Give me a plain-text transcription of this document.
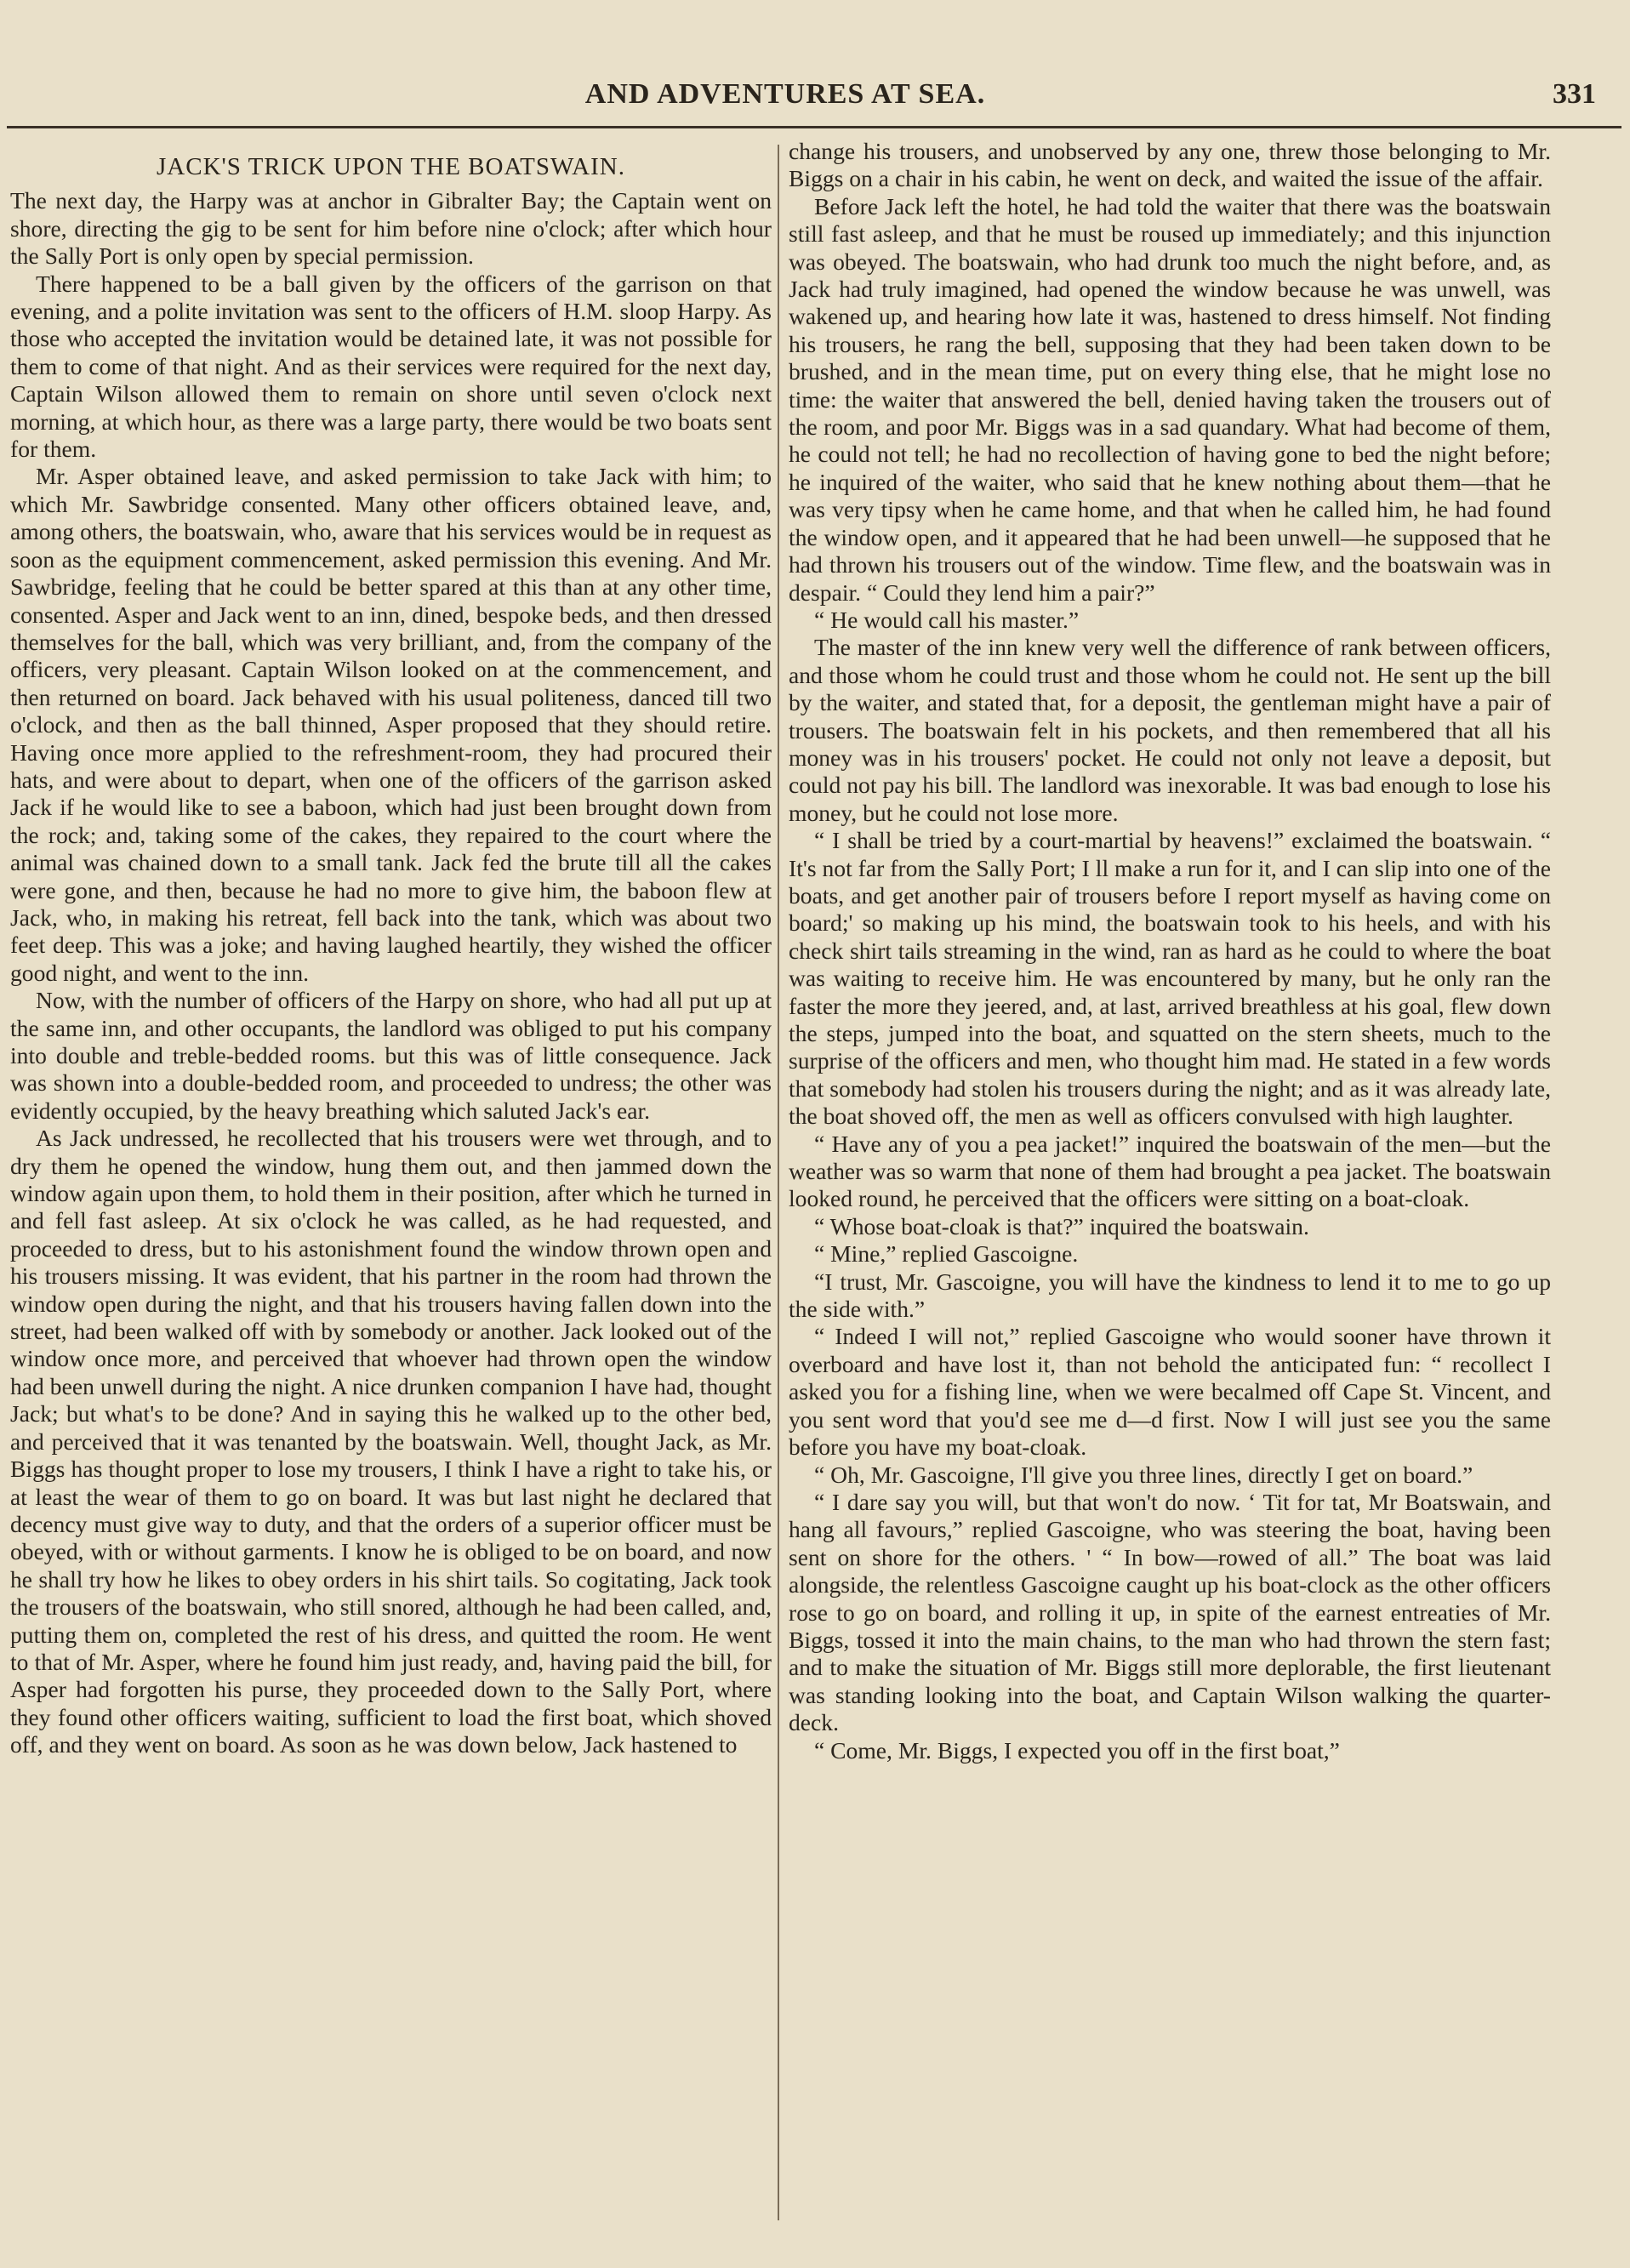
AND ADVENTURES AT SEA.	331
JACK'S TRICK UPON THE BOATSWAIN.

The next day, the Harpy was at anchor in Gibralter Bay; the Captain went on shore, directing the gig to be sent for him before nine o'clock; after which hour the Sally Port is only open by special permission.

There happened to be a ball given by the officers of the garrison on that evening, and a polite invitation was sent to the officers of H.M. sloop Harpy. As those who accepted the invitation would be detained late, it was not possible for them to come of that night. And as their services were required for the next day, Captain Wilson allowed them to remain on shore until seven o'clock next morning, at which hour, as there was a large party, there would be two boats sent for them.

Mr. Asper obtained leave, and asked permission to take Jack with him; to which Mr. Sawbridge consented. Many other officers obtained leave, and, among others, the boatswain, who, aware that his services would be in request as soon as the equipment commencement, asked permission this evening. And Mr. Sawbridge, feeling that he could be better spared at this than at any other time, consented. Asper and Jack went to an inn, dined, bespoke beds, and then dressed themselves for the ball, which was very brilliant, and, from the company of the officers, very pleasant. Captain Wilson looked on at the commencement, and then returned on board. Jack behaved with his usual politeness, danced till two o'clock, and then as the ball thinned, Asper proposed that they should retire. Having once more applied to the refreshment-room, they had procured their hats, and were about to depart, when one of the officers of the garrison asked Jack if he would like to see a baboon, which had just been brought down from the rock; and, taking some of the cakes, they repaired to the court where the animal was chained down to a small tank. Jack fed the brute till all the cakes were gone, and then, because he had no more to give him, the baboon flew at Jack, who, in making his retreat, fell back into the tank, which was about two feet deep. This was a joke; and having laughed heartily, they wished the officer good night, and went to the inn.

Now, with the number of officers of the Harpy on shore, who had all put up at the same inn, and other occupants, the landlord was obliged to put his company into double and treble-bedded rooms. but this was of little consequence. Jack was shown into a double-bedded room, and proceeded to undress; the other was evidently occupied, by the heavy breathing which saluted Jack's ear.

As Jack undressed, he recollected that his trousers were wet through, and to dry them he opened the window, hung them out, and then jammed down the window again upon them, to hold them in their position, after which he turned in and fell fast asleep. At six o'clock he was called, as he had requested, and proceeded to dress, but to his astonishment found the window thrown open and his trousers missing. It was evident, that his partner in the room had thrown the window open during the night, and that his trousers having fallen down into the street, had been walked off with by somebody or another. Jack looked out of the window once more, and perceived that whoever had thrown open the window had been unwell during the night. A nice drunken companion I have had, thought Jack; but what's to be done? And in saying this he walked up to the other bed, and perceived that it was tenanted by the boatswain. Well, thought Jack, as Mr. Biggs has thought proper to lose my trousers, I think I have a right to take his, or at least the wear of them to go on board. It was but last night he declared that decency must give way to duty, and that the orders of a superior officer must be obeyed, with or without garments. I know he is obliged to be on board, and now he shall try how he likes to obey orders in his shirt tails. So cogitating, Jack took the trousers of the boatswain, who still snored, although he had been called, and, putting them on, completed the rest of his dress, and quitted the room. He went to that of Mr. Asper, where he found him just ready, and, having paid the bill, for Asper had forgotten his purse, they proceeded down to the Sally Port, where they found other officers waiting, sufficient to load the first boat, which shoved off, and they went on board. As soon as he was down below, Jack hastened to

change his trousers, and unobserved by any one, threw those belonging to Mr. Biggs on a chair in his cabin, he went on deck, and waited the issue of the affair.

Before Jack left the hotel, he had told the waiter that there was the boatswain still fast asleep, and that he must be roused up immediately; and this injunction was obeyed. The boatswain, who had drunk too much the night before, and, as Jack had truly imagined, had opened the window because he was unwell, was wakened up, and hearing how late it was, hastened to dress himself. Not finding his trousers, he rang the bell, supposing that they had been taken down to be brushed, and in the mean time, put on every thing else, that he might lose no time: the waiter that answered the bell, denied having taken the trousers out of the room, and poor Mr. Biggs was in a sad quandary. What had become of them, he could not tell; he had no recollection of having gone to bed the night before; he inquired of the waiter, who said that he knew nothing about them—that he was very tipsy when he came home, and that when he called him, he had found the window open, and it appeared that he had been unwell—he supposed that he had thrown his trousers out of the window. Time flew, and the boatswain was in despair. “ Could they lend him a pair?”

“ He would call his master.”

The master of the inn knew very well the difference of rank between officers, and those whom he could trust and those whom he could not. He sent up the bill by the waiter, and stated that, for a deposit, the gentleman might have a pair of trousers. The boatswain felt in his pockets, and then remembered that all his money was in his trousers' pocket. He could not only not leave a deposit, but could not pay his bill. The landlord was inexorable. It was bad enough to lose his money, but he could not lose more.

“ I shall be tried by a court-martial by heavens!” exclaimed the boatswain. “ It's not far from the Sally Port; I ll make a run for it, and I can slip into one of the boats, and get another pair of trousers before I report myself as having come on board;' so making up his mind, the boatswain took to his heels, and with his check shirt tails streaming in the wind, ran as hard as he could to where the boat was waiting to receive him. He was encountered by many, but he only ran the faster the more they jeered, and, at last, arrived breathless at his goal, flew down the steps, jumped into the boat, and squatted on the stern sheets, much to the surprise of the officers and men, who thought him mad. He stated in a few words that somebody had stolen his trousers during the night; and as it was already late, the boat shoved off, the men as well as officers convulsed with high laughter.

“ Have any of you a pea jacket!” inquired the boatswain of the men—but the weather was so warm that none of them had brought a pea jacket. The boatswain looked round, he perceived that the officers were sitting on a boat-cloak.

“ Whose boat-cloak is that?” inquired the boatswain.

“ Mine,” replied Gascoigne.

“I trust, Mr. Gascoigne, you will have the kindness to lend it to me to go up the side with.”

“ Indeed I will not,” replied Gascoigne who would sooner have thrown it overboard and have lost it, than not behold the anticipated fun: “ recollect I asked you for a fishing line, when we were becalmed off Cape St. Vincent, and you sent word that you'd see me d—d first. Now I will just see you the same before you have my boat-cloak.

“ Oh, Mr. Gascoigne, I'll give you three lines, directly I get on board.”

“ I dare say you will, but that won't do now. ‘ Tit for tat, Mr Boatswain, and hang all favours,” replied Gascoigne, who was steering the boat, having been sent on shore for the others. ' “ In bow—rowed of all.” The boat was laid alongside, the relentless Gascoigne caught up his boat-clock as the other officers rose to go on board, and rolling it up, in spite of the earnest entreaties of Mr. Biggs, tossed it into the main chains, to the man who had thrown the stern fast; and to make the situation of Mr. Biggs still more deplorable, the first lieutenant was standing looking into the boat, and Captain Wilson walking the quarter-deck.

“ Come, Mr. Biggs, I expected you off in the first boat,”
